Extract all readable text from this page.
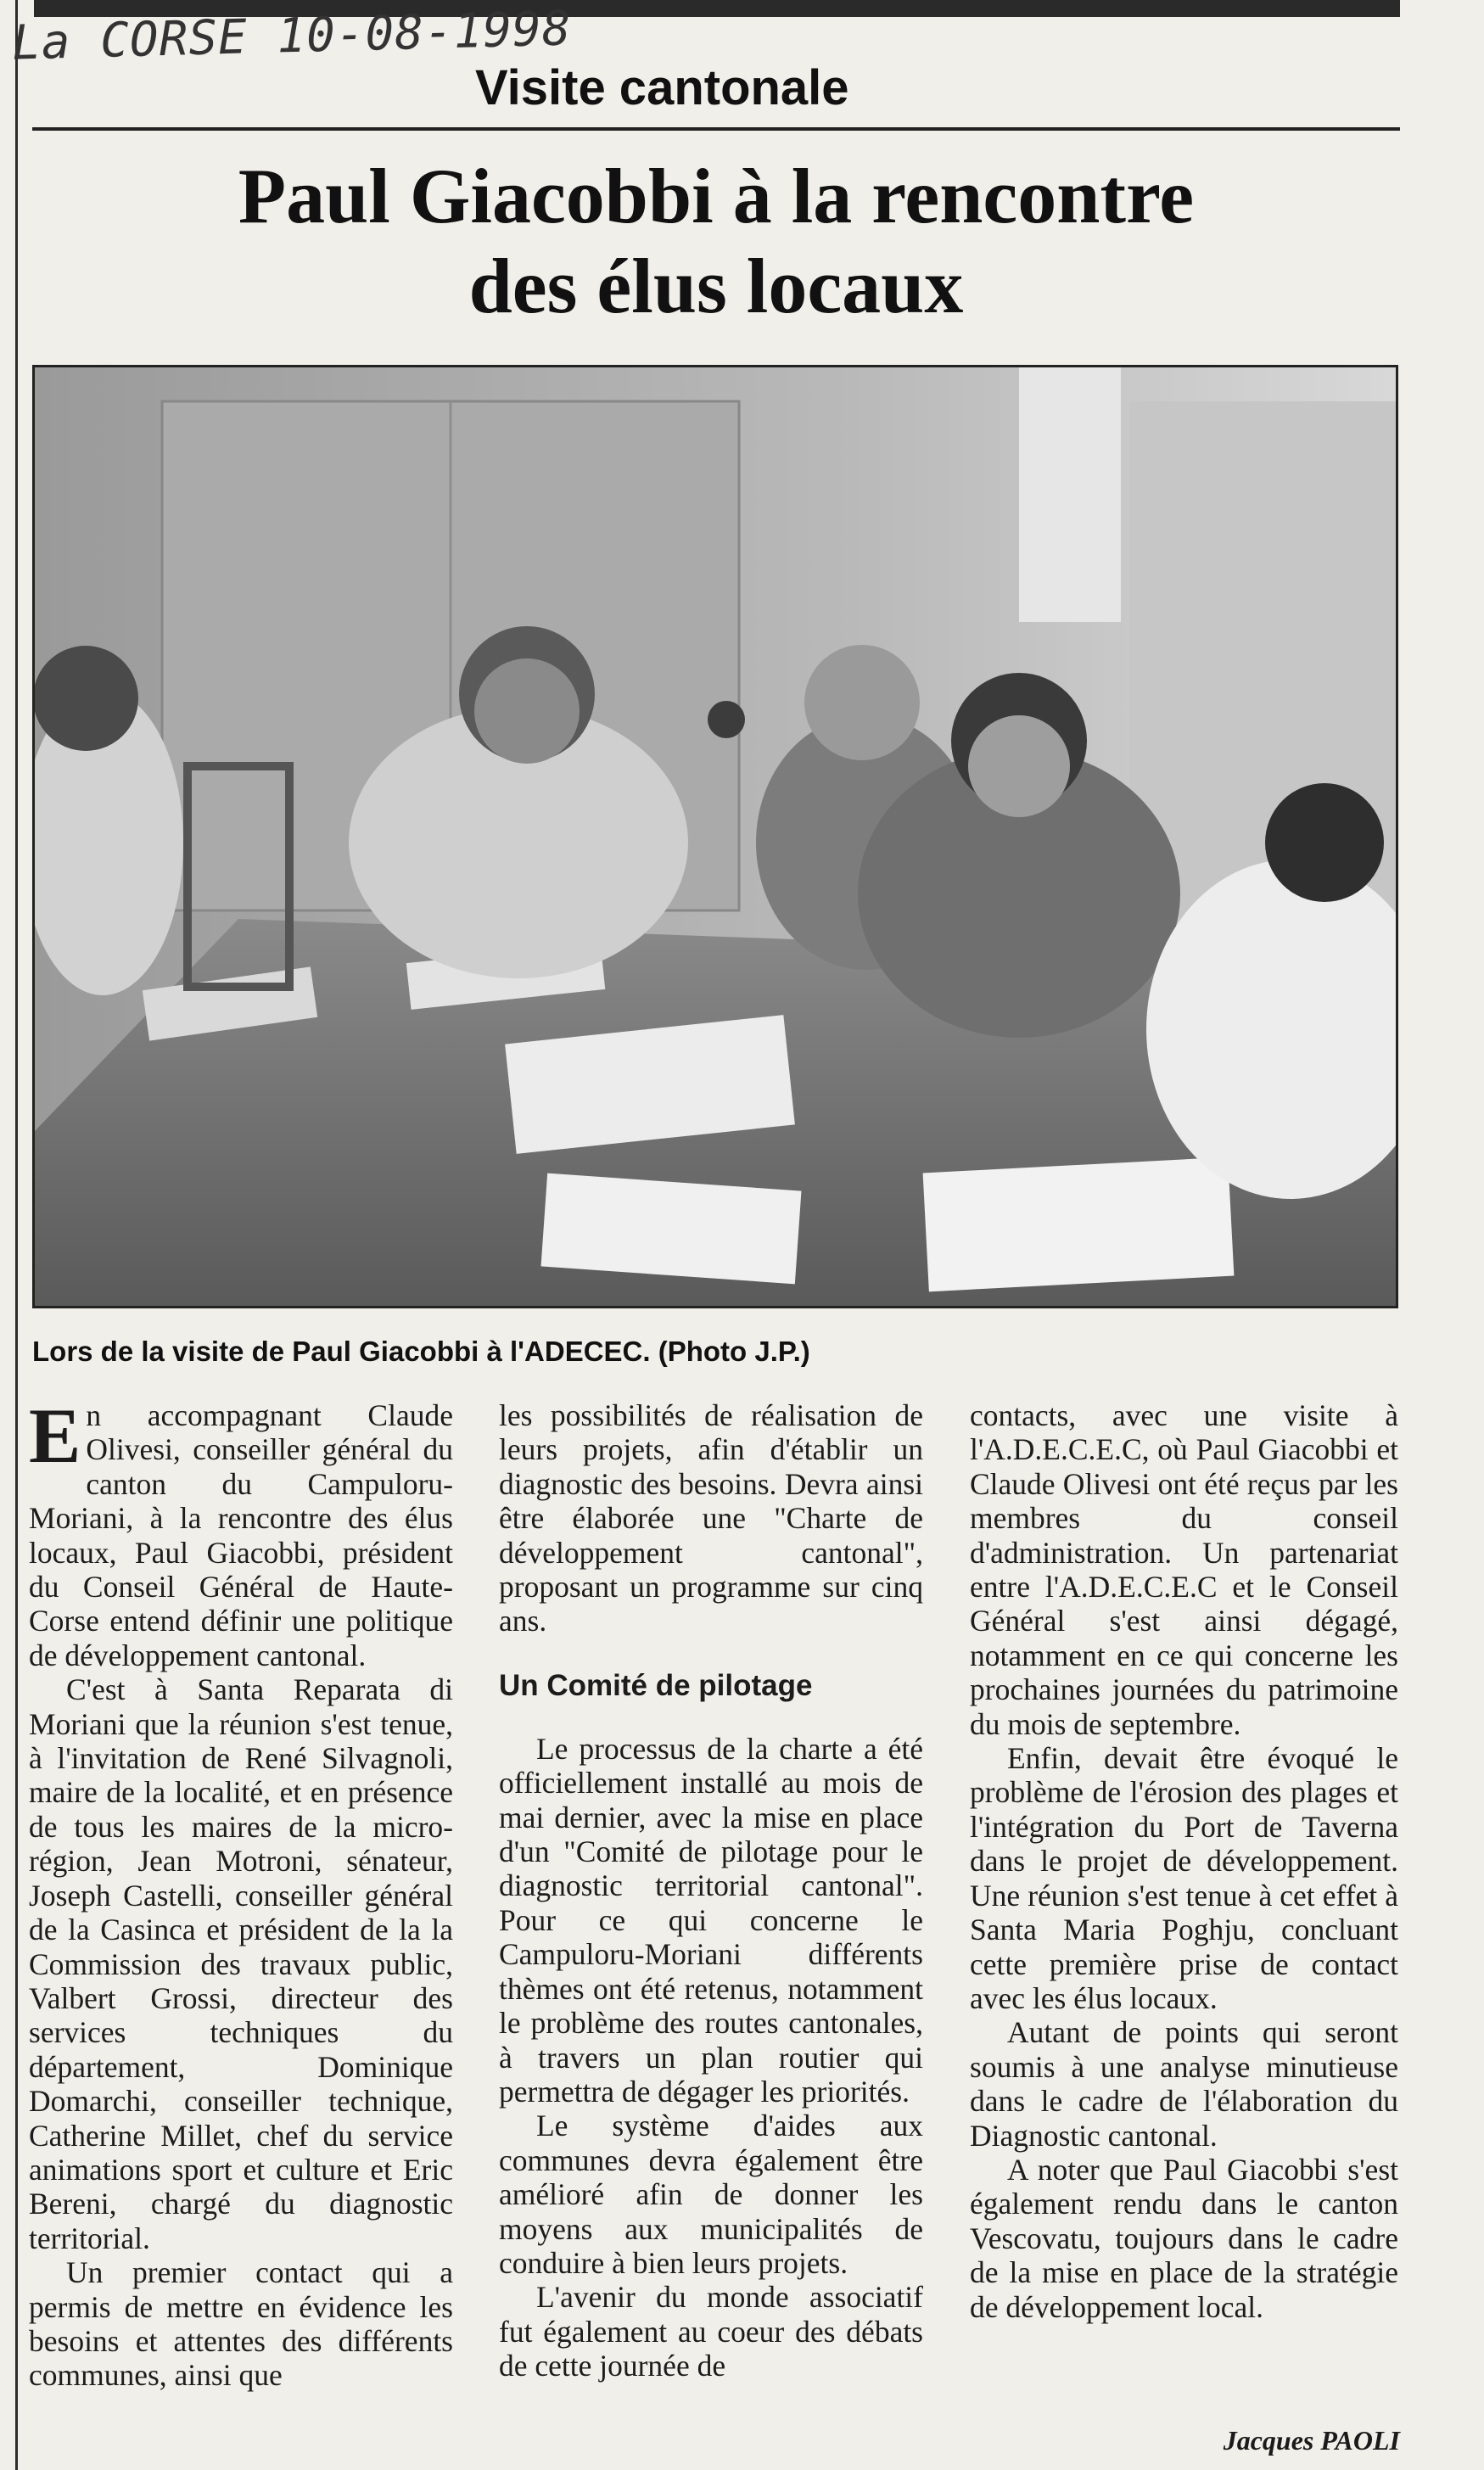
La CORSE 10-08-1998
Visite cantonale
Paul Giacobbi à la rencontre
des élus locaux
Lors de la visite de Paul Giacobbi à l'ADECEC. (Photo J.P.)

En accompagnant Claude Olivesi, conseiller général du canton du Campuloru-Moriani, à la rencontre des élus locaux, Paul Giacobbi, président du Conseil Général de Haute-Corse entend définir une politique de développement cantonal.

C'est à Santa Reparata di Moriani que la réunion s'est tenue, à l'invitation de René Silvagnoli, maire de la localité, et en présence de tous les maires de la micro-région, Jean Motroni, sénateur, Joseph Castelli, conseiller général de la Casinca et président de la la Commission des travaux public, Valbert Grossi, directeur des services techniques du département, Dominique Domarchi, conseiller technique, Catherine Millet, chef du service animations sport et culture et Eric Bereni, chargé du diagnostic territorial.

Un premier contact qui a permis de mettre en évidence les besoins et attentes des différents communes, ainsi que

les possibilités de réalisation de leurs projets, afin d'établir un diagnostic des besoins. Devra ainsi être élaborée une "Charte de développement cantonal", proposant un programme sur cinq ans.

Un Comité de pilotage

Le processus de la charte a été officiellement installé au mois de mai dernier, avec la mise en place d'un "Comité de pilotage pour le diagnostic territorial cantonal". Pour ce qui concerne le Campuloru-Moriani différents thèmes ont été retenus, notamment le problème des routes cantonales, à travers un plan routier qui permettra de dégager les priorités.

Le système d'aides aux communes devra également être amélioré afin de donner les moyens aux municipalités de conduire à bien leurs projets.

L'avenir du monde associatif fut également au coeur des débats de cette journée de

contacts, avec une visite à l'A.D.E.C.E.C, où Paul Giacobbi et Claude Olivesi ont été reçus par les membres du conseil d'administration. Un partenariat entre l'A.D.E.C.E.C et le Conseil Général s'est ainsi dégagé, notamment en ce qui concerne les prochaines journées du patrimoine du mois de septembre.

Enfin, devait être évoqué le problème de l'érosion des plages et l'intégration du Port de Taverna dans le projet de développement. Une réunion s'est tenue à cet effet à Santa Maria Poghju, concluant cette première prise de contact avec les élus locaux.

Autant de points qui seront soumis à une analyse minutieuse dans le cadre de l'élaboration du Diagnostic cantonal.

A noter que Paul Giacobbi s'est également rendu dans le canton Vescovatu, toujours dans le cadre de la mise en place de la stratégie de développement local.

Jacques PAOLI
